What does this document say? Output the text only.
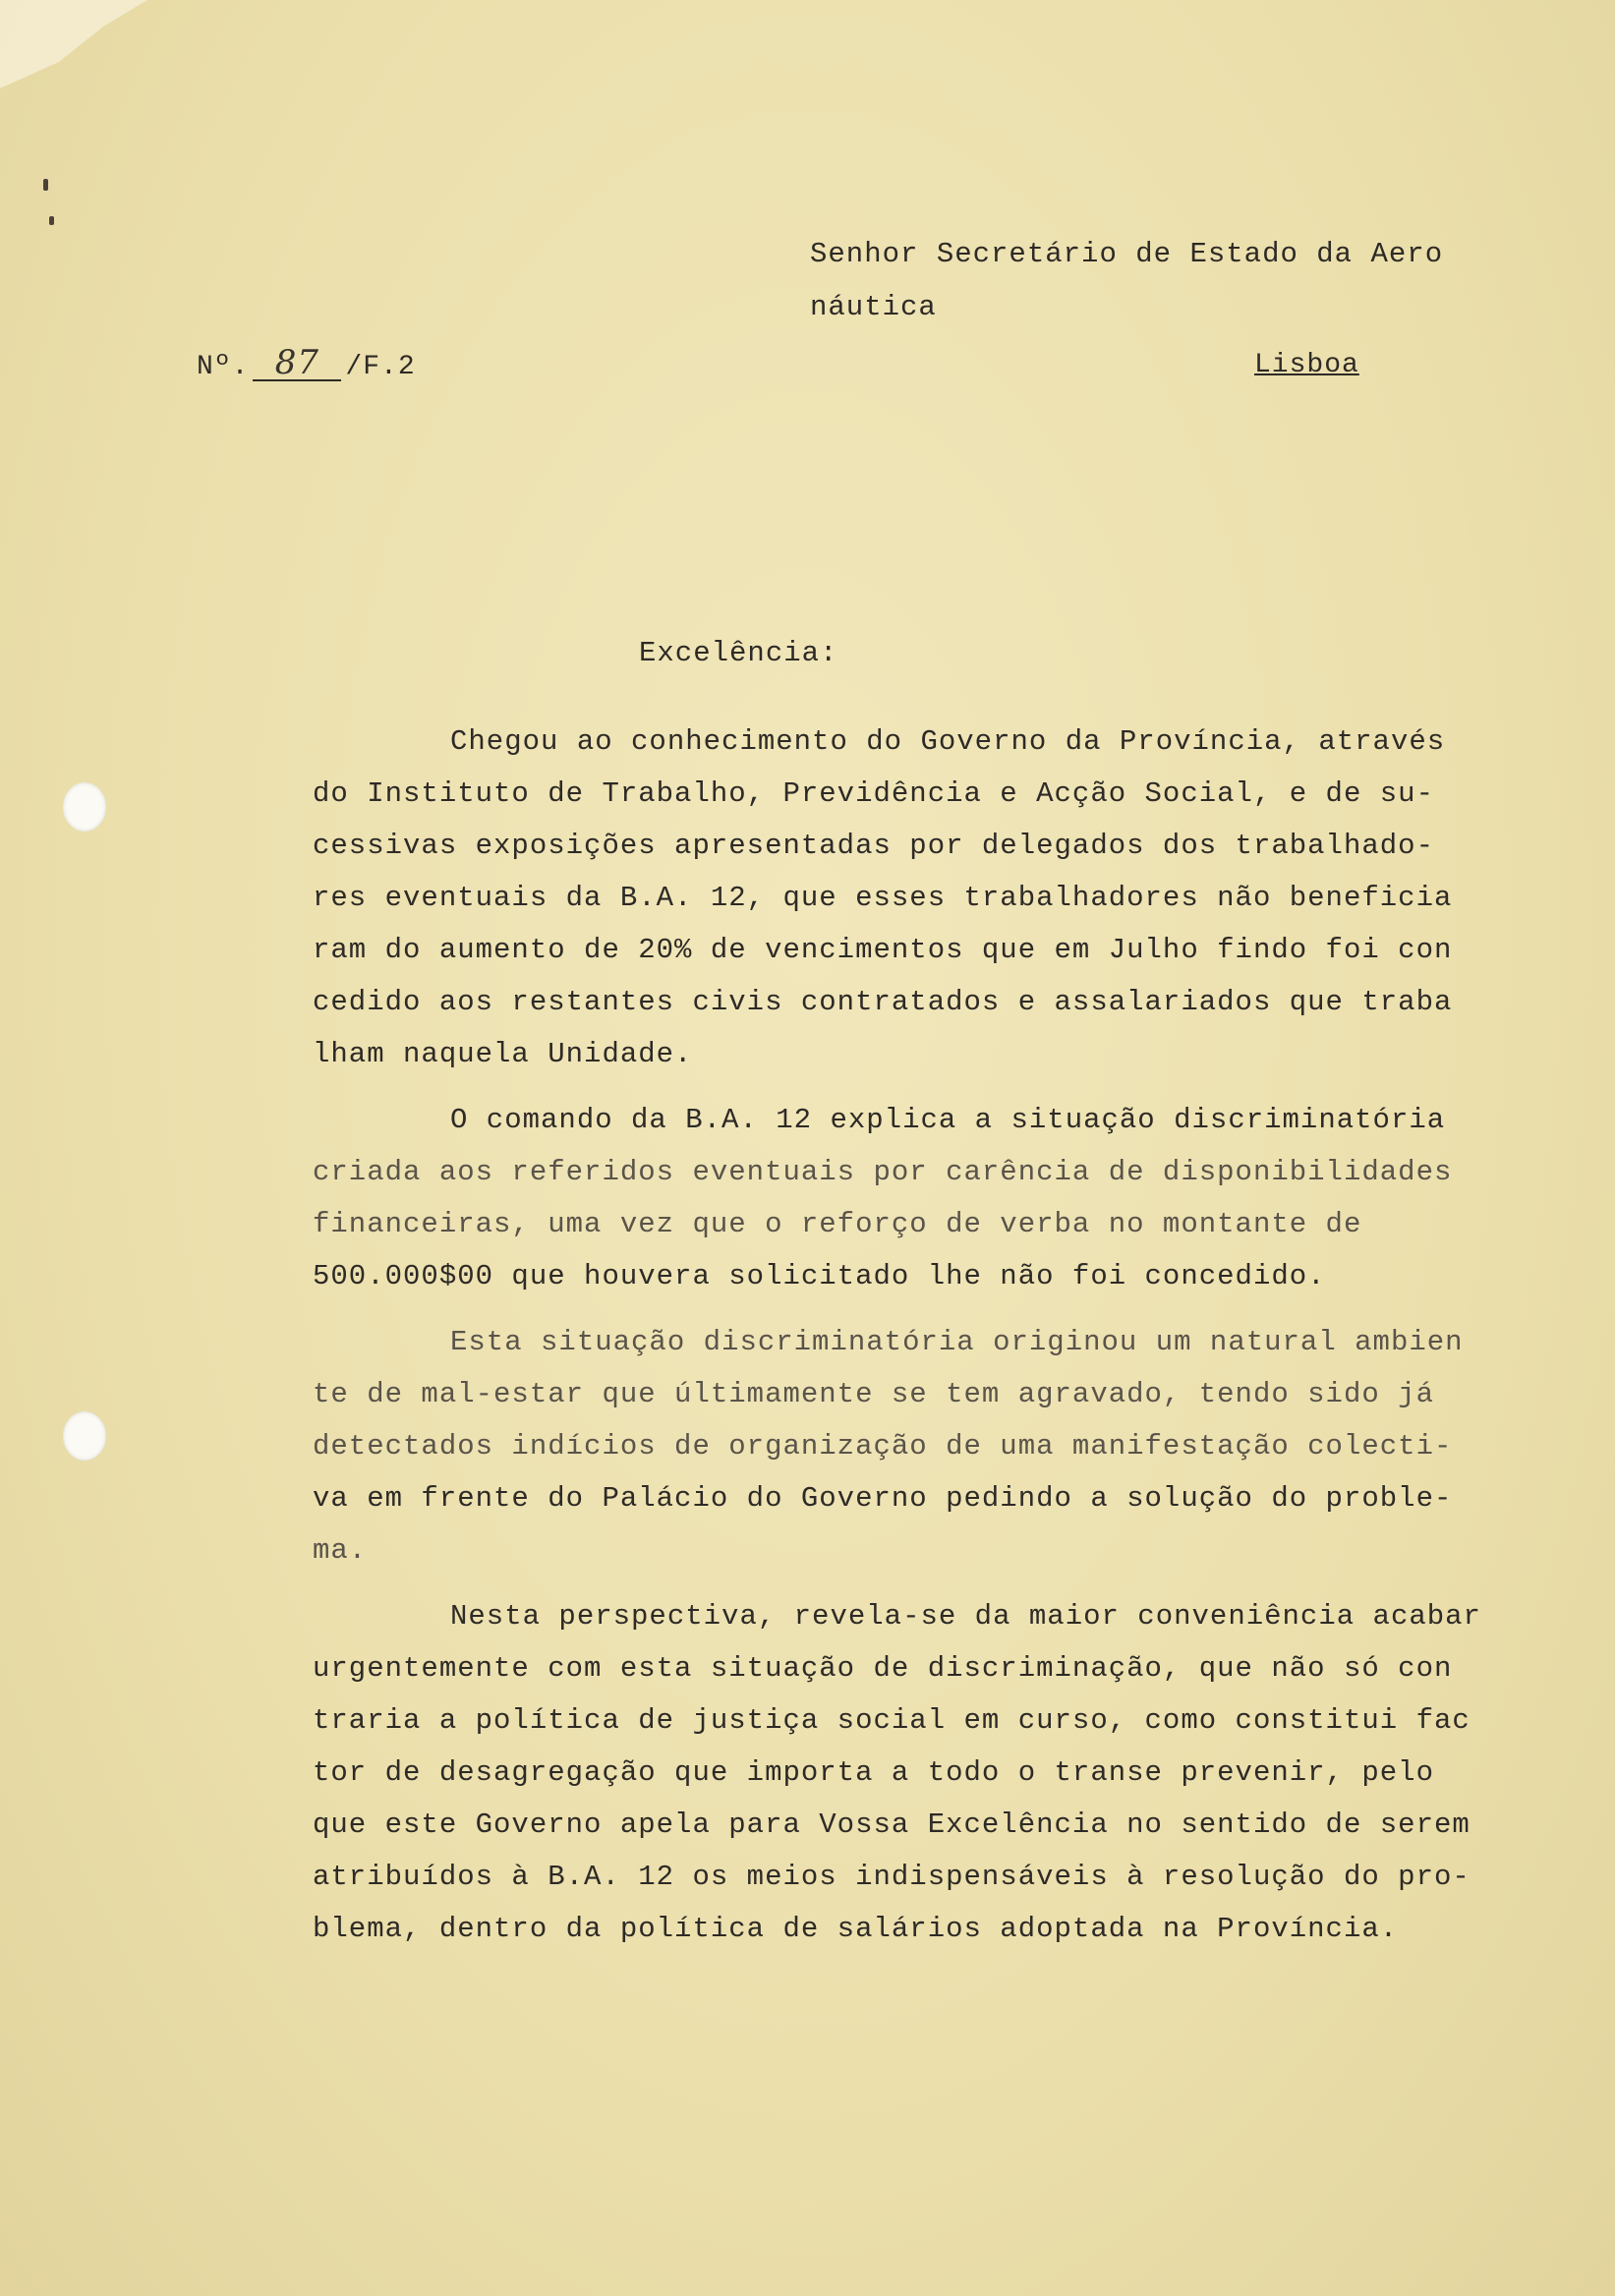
Senhor Secretário de Estado da Aero
náutica
Nº. 87 /F.2	Lisboa
Excelência:
Chegou ao conhecimento do Governo da Província, através
do Instituto de Trabalho, Previdência e Acção Social, e de su-
cessivas exposições apresentadas por delegados dos trabalhado-
res eventuais da B.A. 12, que esses trabalhadores não beneficia
ram do aumento de 20% de vencimentos que em Julho findo foi con
cedido aos restantes civis contratados e assalariados que traba
lham naquela Unidade.
O comando da B.A. 12 explica a situação discriminatória
criada aos referidos eventuais por carência de disponibilidades
financeiras, uma vez que o reforço de verba no montante de
500.000$00 que houvera solicitado lhe não foi concedido.
Esta situação discriminatória originou um natural ambien
te de mal-estar que últimamente se tem agravado, tendo sido já
detectados indícios de organização de uma manifestação colecti-
va em frente do Palácio do Governo pedindo a solução do proble-
ma.
Nesta perspectiva, revela-se da maior conveniência acabar
urgentemente com esta situação de discriminação, que não só con
traria a política de justiça social em curso, como constitui fac
tor de desagregação que importa a todo o transe prevenir, pelo
que este Governo apela para Vossa Excelência no sentido de serem
atribuídos à B.A. 12 os meios indispensáveis à resolução do pro-
blema, dentro da política de salários adoptada na Província.
